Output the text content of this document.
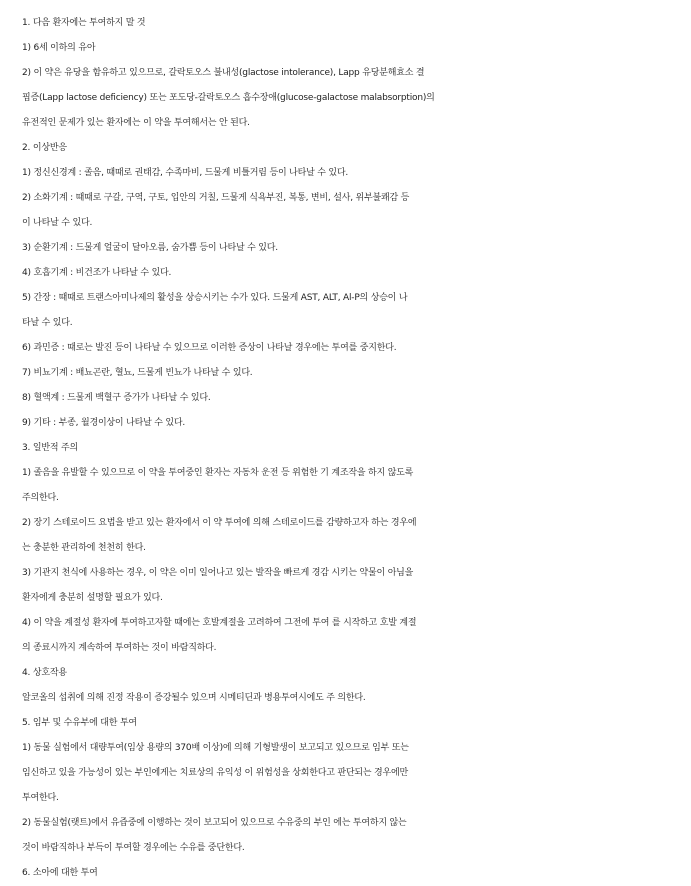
1. 다음 환자에는 투여하지 말 것
1) 6세 이하의 유아
2) 이 약은 유당을 함유하고 있으므로, 갈락토오스 불내성(glactose intolerance), Lapp 유당분해효소 결
핍증(Lapp lactose deficiency) 또는 포도당-갈락토오스 흡수장애(glucose-galactose malabsorption)의
유전적인 문제가 있는 환자에는 이 약을 투여해서는 안 된다.
2. 이상반응
1) 정신신경계 : 졸음, 때때로 권태감, 수족마비, 드물게 비틀거림 등이 나타날 수 있다.
2) 소화기계 : 때때로 구갈, 구역, 구토, 입안의 거칠, 드물게 식욕부진, 복통, 변비, 설사, 위부불쾌감 등
이 나타날 수 있다.
3) 순환기계 : 드물게 얼굴이 달아오름, 숨가쁨 등이 나타날 수 있다.
4) 호흡기계 : 비건조가 나타날 수 있다.
5) 간장 : 때때로 트랜스아미나제의 활성을 상승시키는 수가 있다. 드물게 AST, ALT, Al-P의 상승이 나
타날 수 있다.
6) 과민증 : 때로는 발진 등이 나타날 수 있으므로 이러한 증상이 나타날 경우에는 투여를 중지한다.
7) 비뇨기계 : 배뇨곤란, 혈뇨, 드물게 빈뇨가 나타날 수 있다.
8) 혈액계 : 드물게 백혈구 증가가 나타날 수 있다.
9) 기타 : 부종, 월경이상이 나타날 수 있다.
3. 일반적 주의
1) 졸음을 유발할 수 있으므로 이 약을 투여중인 환자는 자동차 운전 등 위험한 기 계조작을 하지 않도록
주의한다.
2) 장기 스테로이드 요법을 받고 있는 환자에서 이 약 투여에 의해 스테로이드를 감량하고자 하는 경우에
는 충분한 관리하에 천천히 한다.
3) 기관지 천식에 사용하는 경우, 이 약은 이미 일어나고 있는 발작을 빠르게 경감 시키는 약물이 아님을
환자에게 충분히 설명할 필요가 있다.
4) 이 약을 계절성 환자에 투여하고자할 때에는 호발계절을 고려하여 그전에 투여 를 시작하고 호발 계절
의 종료시까지 계속하여 투여하는 것이 바람직하다.
4. 상호작용
알코올의 섭취에 의해 진정 작용이 증강될수 있으며 시메티딘과 병용투여시에도 주 의한다.
5. 임부 및 수유부에 대한 투여
1) 동물 실험에서 대량투여(임상 용량의 370배 이상)에 의해 기형발생이 보고되고 있으므로 임부 또는
임신하고 있을 가능성이 있는 부인에게는 치료상의 유익성 이 위험성을 상회한다고 판단되는 경우에만
투여한다.
2) 동물실험(랫트)에서 유즙중에 이행하는 것이 보고되어 있으므로 수유중의 부인 에는 투여하지 않는
것이 바람직하나 부득이 투여할 경우에는 수유를 중단한다.
6. 소아에 대한 투여
